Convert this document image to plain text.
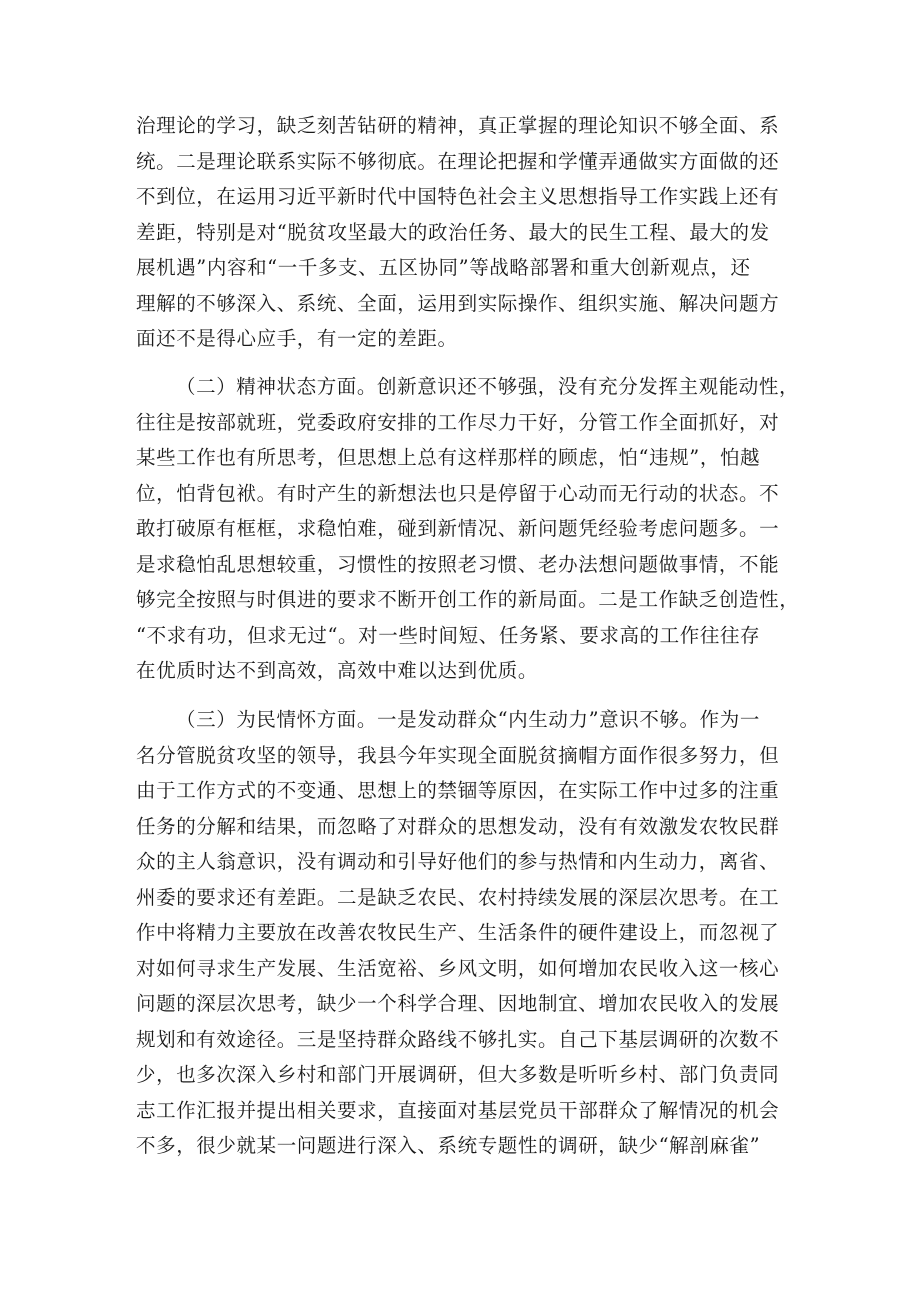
治理论的学习，缺乏刻苦钻研的精神，真正掌握的理论知识不够全面、系
统。二是理论联系实际不够彻底。在理论把握和学懂弄通做实方面做的还
不到位，在运用习近平新时代中国特色社会主义思想指导工作实践上还有
差距，特别是对“脱贫攻坚最大的政治任务、最大的民生工程、最大的发
展机遇”内容和“一千多支、五区协同”等战略部署和重大创新观点，还
理解的不够深入、系统、全面，运用到实际操作、组织实施、解决问题方
面还不是得心应手，有一定的差距。
（二）精神状态方面。创新意识还不够强，没有充分发挥主观能动性，
往往是按部就班，党委政府安排的工作尽力干好，分管工作全面抓好，对
某些工作也有所思考，但思想上总有这样那样的顾虑，怕“违规”，怕越
位，怕背包袱。有时产生的新想法也只是停留于心动而无行动的状态。不
敢打破原有框框，求稳怕难，碰到新情况、新问题凭经验考虑问题多。一
是求稳怕乱思想较重，习惯性的按照老习惯、老办法想问题做事情，不能
够完全按照与时俱进的要求不断开创工作的新局面。二是工作缺乏创造性，
“不求有功，但求无过“。对一些时间短、任务紧、要求高的工作往往存
在优质时达不到高效，高效中难以达到优质。
（三）为民情怀方面。一是发动群众“内生动力”意识不够。作为一
名分管脱贫攻坚的领导，我县今年实现全面脱贫摘帽方面作很多努力，但
由于工作方式的不变通、思想上的禁锢等原因，在实际工作中过多的注重
任务的分解和结果，而忽略了对群众的思想发动，没有有效激发农牧民群
众的主人翁意识，没有调动和引导好他们的参与热情和内生动力，离省、
州委的要求还有差距。二是缺乏农民、农村持续发展的深层次思考。在工
作中将精力主要放在改善农牧民生产、生活条件的硬件建设上，而忽视了
对如何寻求生产发展、生活宽裕、乡风文明，如何增加农民收入这一核心
问题的深层次思考，缺少一个科学合理、因地制宜、增加农民收入的发展
规划和有效途径。三是坚持群众路线不够扎实。自己下基层调研的次数不
少，也多次深入乡村和部门开展调研，但大多数是听听乡村、部门负责同
志工作汇报并提出相关要求，直接面对基层党员干部群众了解情况的机会
不多，很少就某一问题进行深入、系统专题性的调研，缺少“解剖麻雀”
